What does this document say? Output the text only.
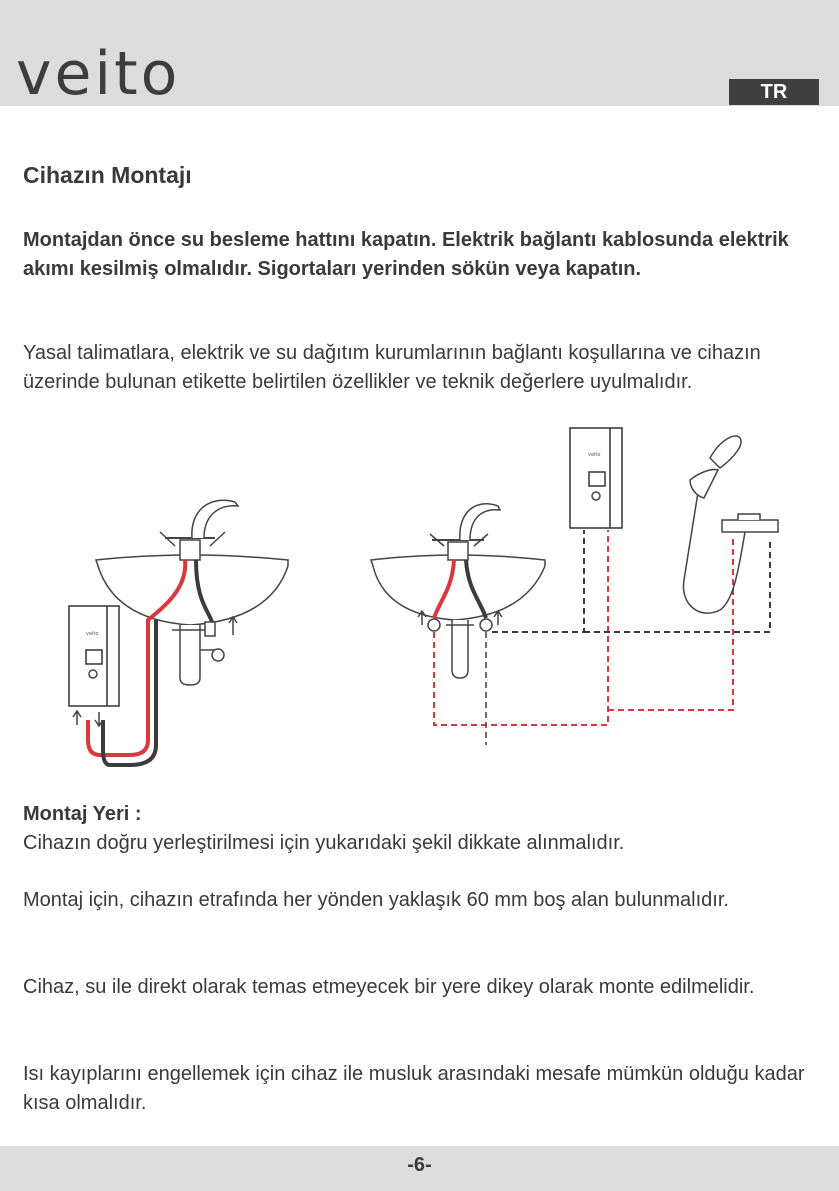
veito	TR
Cihazın Montajı

Montajdan önce su besleme hattını kapatın. Elektrik bağlantı kablosunda elektrik akımı kesilmiş olmalıdır. Sigortaları yerinden sökün veya kapatın.

Yasal talimatlara, elektrik ve su dağıtım kurumlarının bağlantı koşullarına ve cihazın üzerinde bulunan etikette belirtilen özellikler ve teknik değerlere uyulmalıdır.

veito
veito

Montaj Yeri :

Cihazın doğru yerleştirilmesi için yukarıdaki şekil dikkate alınmalıdır.

Montaj için, cihazın etrafında her yönden yaklaşık 60 mm boş alan bulunmalıdır.

Cihaz, su ile direkt olarak temas etmeyecek bir yere dikey olarak monte edilmelidir.

Isı kayıplarını engellemek için cihaz ile musluk arasındaki mesafe mümkün olduğu kadar kısa olmalıdır.

-6-
